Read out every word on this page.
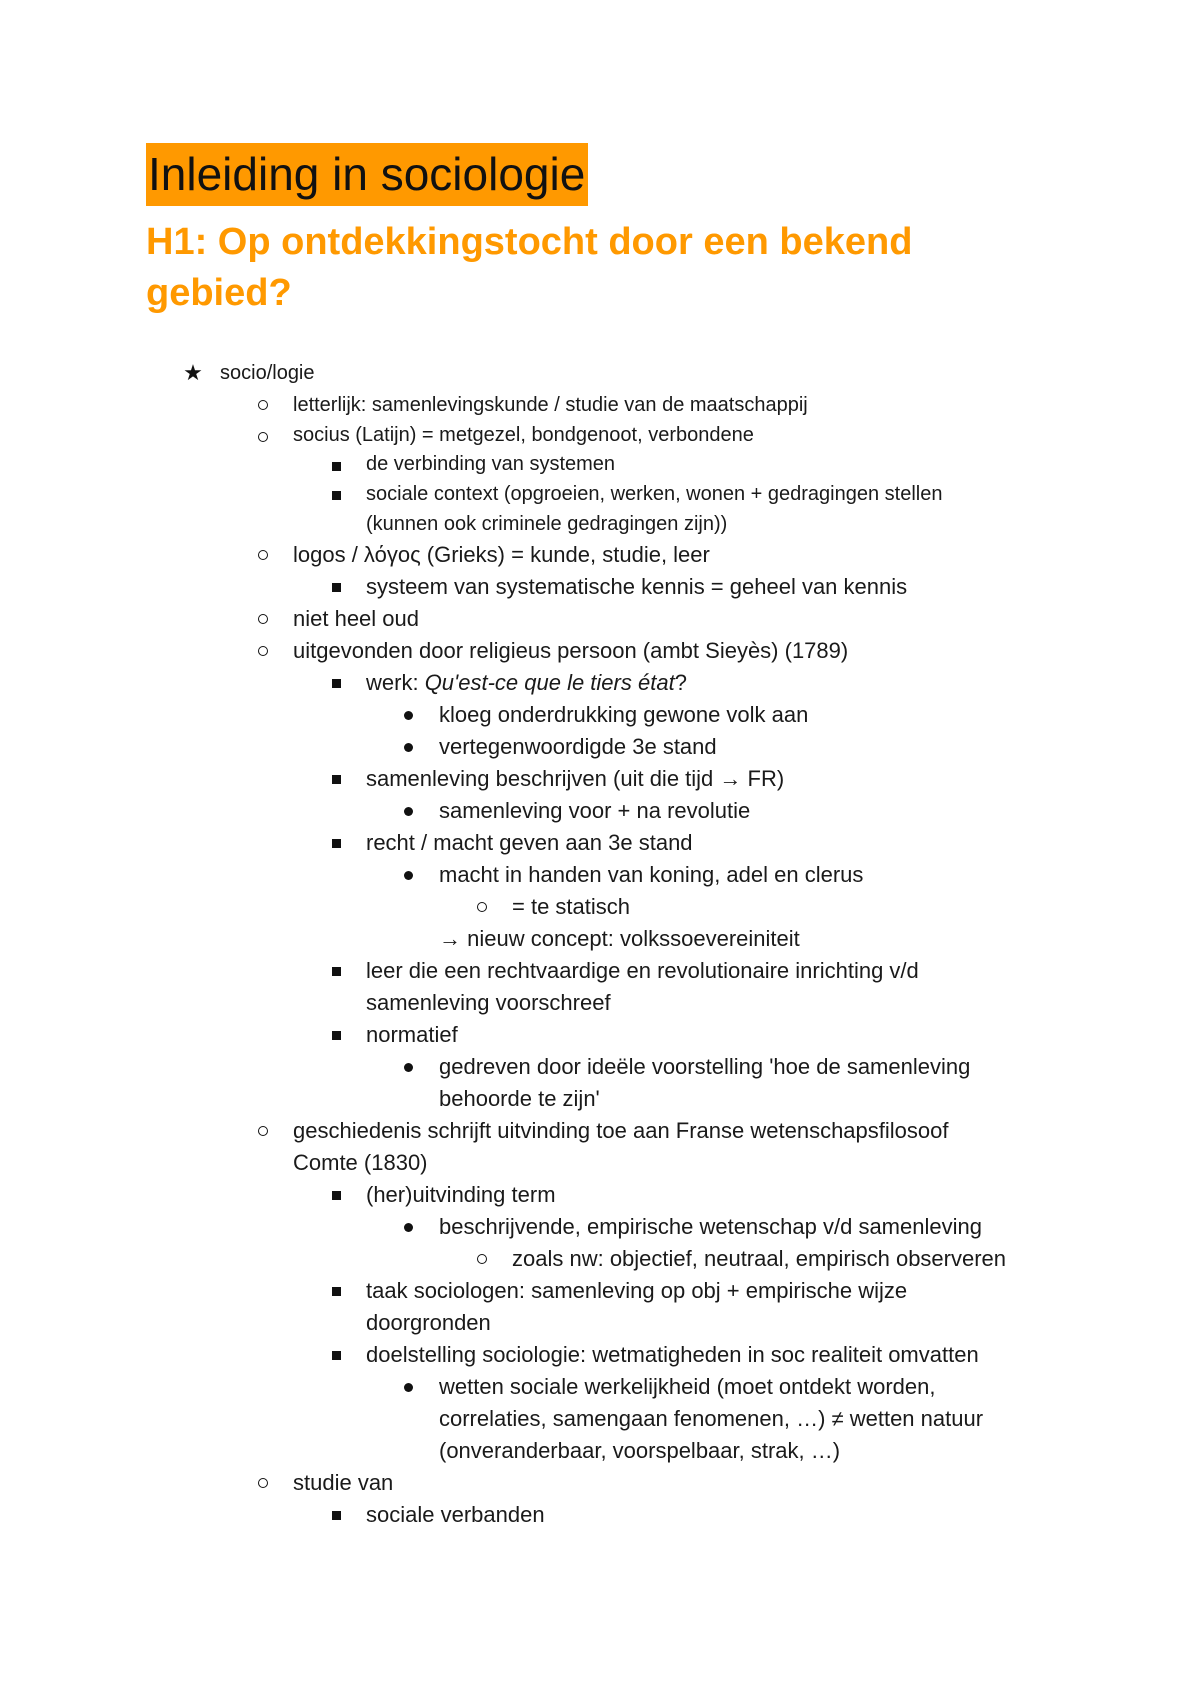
Inleiding in sociologie
H1: Op ontdekkingstocht door een bekend gebied?
★ socio/logie
letterlijk: samenlevingskunde / studie van de maatschappij
socius (Latijn) = metgezel, bondgenoot, verbondene
de verbinding van systemen
sociale context (opgroeien, werken, wonen + gedragingen stellen
(kunnen ook criminele gedragingen zijn))
logos / λόγος (Grieks) = kunde, studie, leer
systeem van systematische kennis = geheel van kennis
niet heel oud
uitgevonden door religieus persoon (ambt Sieyès) (1789)
werk: Qu'est-ce que le tiers état?
kloeg onderdrukking gewone volk aan
vertegenwoordigde 3e stand
samenleving beschrijven (uit die tijd → FR)
samenleving voor + na revolutie
recht / macht geven aan 3e stand
macht in handen van koning, adel en clerus
= te statisch
→ nieuw concept: volkssoevereiniteit
leer die een rechtvaardige en revolutionaire inrichting v/d
samenleving voorschreef
normatief
gedreven door ideële voorstelling 'hoe de samenleving
behoorde te zijn'
geschiedenis schrijft uitvinding toe aan Franse wetenschapsfilosoof
Comte (1830)
(her)uitvinding term
beschrijvende, empirische wetenschap v/d samenleving
zoals nw: objectief, neutraal, empirisch observeren
taak sociologen: samenleving op obj + empirische wijze
doorgronden
doelstelling sociologie: wetmatigheden in soc realiteit omvatten
wetten sociale werkelijkheid (moet ontdekt worden,
correlaties, samengaan fenomenen, …) ≠ wetten natuur
(onveranderbaar, voorspelbaar, strak, …)
studie van
sociale verbanden
